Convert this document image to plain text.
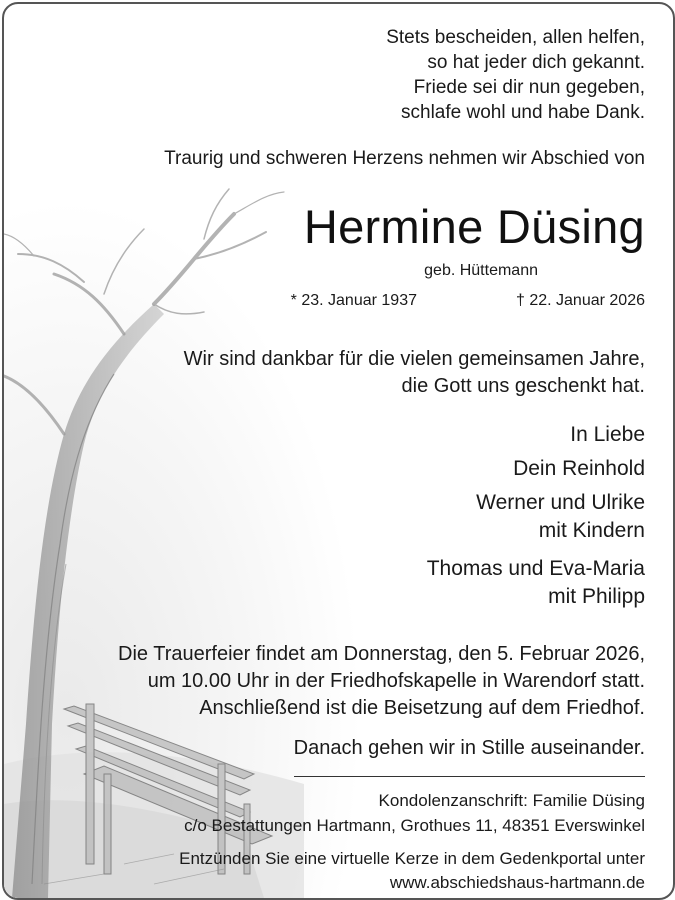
Stets bescheiden, allen helfen,
so hat jeder dich gekannt.
Friede sei dir nun gegeben,
schlafe wohl und habe Dank.
Traurig und schweren Herzens nehmen wir Abschied von
Hermine Düsing
geb. Hüttemann
* 23. Januar 1937	† 22. Januar 2026
Wir sind dankbar für die vielen gemeinsamen Jahre,
die Gott uns geschenkt hat.
In Liebe
Dein Reinhold
Werner und Ulrike
mit Kindern
Thomas und Eva-Maria
mit Philipp
Die Trauerfeier findet am Donnerstag, den 5. Februar 2026,
um 10.00 Uhr in der Friedhofskapelle in Warendorf statt.
Anschließend ist die Beisetzung auf dem Friedhof.
Danach gehen wir in Stille auseinander.
Kondolenzanschrift: Familie Düsing
c/o Bestattungen Hartmann, Grothues 11, 48351 Everswinkel
Entzünden Sie eine virtuelle Kerze in dem Gedenkportal unter
www.abschiedshaus-hartmann.de
